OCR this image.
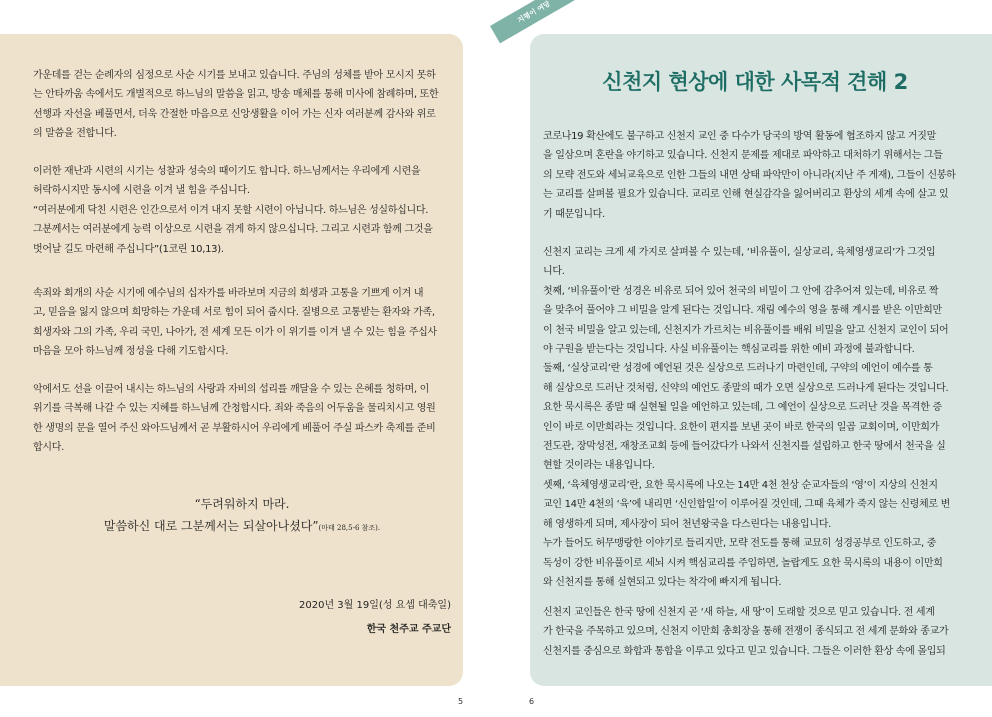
가운데를 걷는 순례자의 심정으로 사순 시기를 보내고 있습니다. 주님의 성체를 받아 모시지 못하
는 안타까움 속에서도 개별적으로 하느님의 말씀을 읽고, 방송 매체를 통해 미사에 참례하며, 또한
선행과 자선을 베풀면서, 더욱 간절한 마음으로 신앙생활을 이어 가는 신자 여러분께 감사와 위로
의 말씀을 전합니다.

이러한 재난과 시련의 시기는 성찰과 성숙의 때이기도 합니다. 하느님께서는 우리에게 시련을
허락하시지만 동시에 시련을 이겨 낼 힘을 주십니다.
“여러분에게 닥친 시련은 인간으로서 이겨 내지 못할 시련이 아닙니다. 하느님은 성실하십니다.
그분께서는 여러분에게 능력 이상으로 시련을 겪게 하지 않으십니다. 그리고 시련과 함께 그것을
벗어날 길도 마련해 주십니다”(1코린 10,13).

속죄와 회개의 사순 시기에 예수님의 십자가를 바라보며 지금의 희생과 고통을 기쁘게 이겨 내
고, 믿음을 잃지 않으며 희망하는 가운데 서로 힘이 되어 줍시다. 질병으로 고통받는 환자와 가족,
희생자와 그의 가족, 우리 국민, 나아가, 전 세계 모든 이가 이 위기를 이겨 낼 수 있는 힘을 주십사
마음을 모아 하느님께 정성을 다해 기도합시다.

악에서도 선을 이끌어 내시는 하느님의 사랑과 자비의 섭리를 깨달을 수 있는 은혜를 청하며, 이
위기를 극복해 나갈 수 있는 지혜를 하느님께 간청합시다. 죄와 죽음의 어두움을 물리치시고 영원
한 생명의 문을 열어 주신 와아드님께서 곧 부활하시어 우리에게 베풀어 주실 파스카 축제를 준비
합시다.

“두려워하지 마라.
말씀하신 대로 그분께서는 되살아나셨다”(마태 28,5-6 참조).
2020년 3월 19일(성 요셉 대축일)
한국 천주교 주교단
지평이 여당
신천지 현상에 대한 사목적 견해 2

코로나19 확산에도 불구하고 신천지 교인 중 다수가 당국의 방역 활동에 협조하지 않고 거짓말
을 일삼으며 혼란을 야기하고 있습니다. 신천지 문제를 제대로 파악하고 대처하기 위해서는 그들
의 모략 전도와 세뇌교육으로 인한 그들의 내면 상태 파악만이 아니라(지난 주 게재), 그들이 신봉하
는 교리를 살펴볼 필요가 있습니다. 교리로 인해 현실감각을 잃어버리고 환상의 세계 속에 살고 있
기 때문입니다.

신천지 교리는 크게 세 가지로 살펴볼 수 있는데, ‘비유풀이, 실상교리, 육체영생교리’가 그것입
니다.
첫째, ‘비유풀이’란 성경은 비유로 되어 있어 천국의 비밀이 그 안에 감추어져 있는데, 비유로 짝
을 맞추어 풀어야 그 비밀을 알게 된다는 것입니다. 재림 예수의 영을 통해 계시를 받은 이만희만
이 천국 비밀을 알고 있는데, 신천지가 가르치는 비유풀이를 배워 비밀을 알고 신천지 교인이 되어
야 구원을 받는다는 것입니다. 사실 비유풀이는 핵심교리를 위한 예비 과정에 불과합니다.
둘째, ‘실상교리’란 성경에 예언된 것은 실상으로 드러나기 마련인데, 구약의 예언이 예수를 통
해 실상으로 드러난 것처럼, 신약의 예언도 종말의 때가 오면 실상으로 드러나게 된다는 것입니다.
요한 묵시록은 종말 때 실현될 일을 예언하고 있는데, 그 예언이 실상으로 드러난 것을 목격한 증
인이 바로 이만희라는 것입니다. 요한이 편지를 보낸 곳이 바로 한국의 일곱 교회이며, 이만희가
전도관, 장막성전, 재창조교회 등에 들어갔다가 나와서 신천지를 설립하고 한국 땅에서 천국을 실
현할 것이라는 내용입니다.
셋째, ‘육체영생교리’란, 요한 묵시록에 나오는 14만 4천 천상 순교자들의 ‘영’이 지상의 신천지
교인 14만 4천의 ‘육’에 내리면 ‘신인합일’이 이루어질 것인데, 그때 육체가 죽지 않는 신령체로 변
해 영생하게 되며, 제사장이 되어 천년왕국을 다스린다는 내용입니다.
누가 들어도 허무맹랑한 이야기로 들리지만, 모략 전도를 통해 교묘히 성경공부로 인도하고, 중
독성이 강한 비유풀이로 세뇌 시켜 핵심교리를 주입하면, 놀랍게도 요한 묵시록의 내용이 이만희
와 신천지를 통해 실현되고 있다는 착각에 빠지게 됩니다.

신천지 교인들은 한국 땅에 신천지 곧 ‘새 하늘, 새 땅’이 도래할 것으로 믿고 있습니다. 전 세계
가 한국을 주목하고 있으며, 신천지 이만희 총회장을 통해 전쟁이 종식되고 전 세계 문화와 종교가
신천지를 중심으로 화합과 통합을 이루고 있다고 믿고 있습니다. 그들은 이러한 환상 속에 몰입되

5	6
